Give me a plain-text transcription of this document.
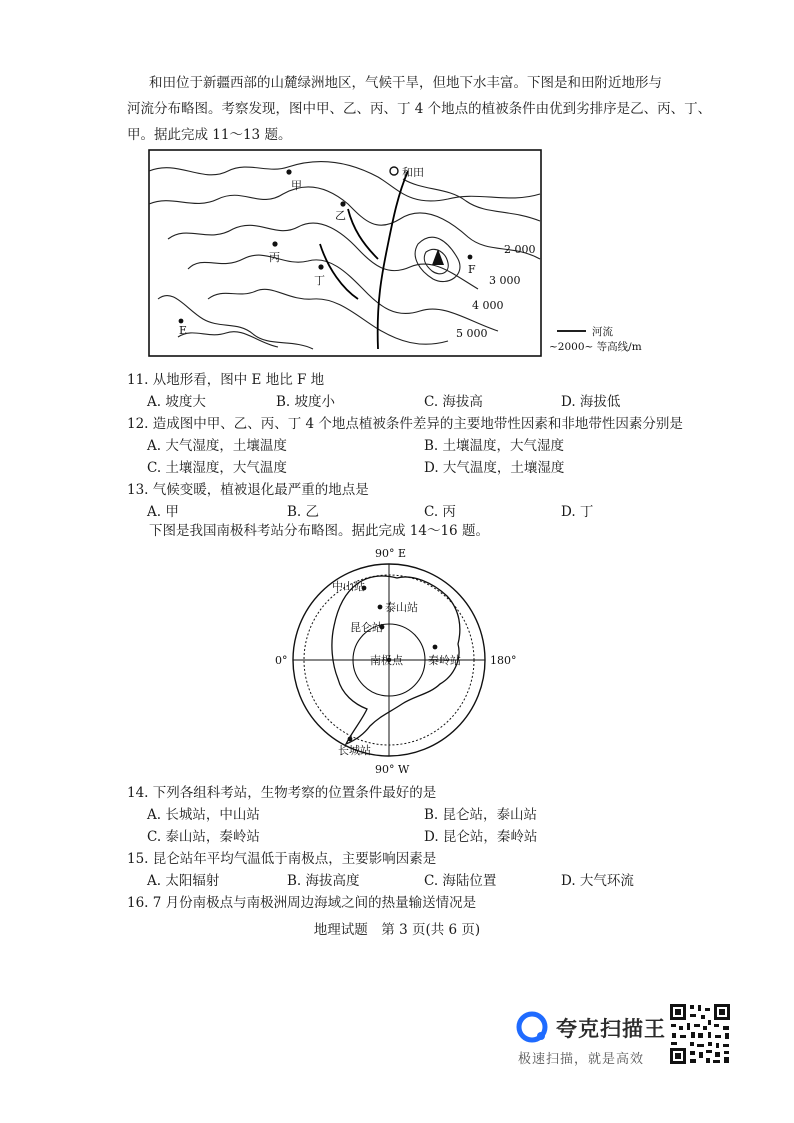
和田位于新疆西部的山麓绿洲地区，气候干旱，但地下水丰富。下图是和田附近地形与
河流分布略图。考察发现，图中甲、乙、丙、丁 4 个地点的植被条件由优到劣排序是乙、丙、丁、
甲。据此完成 11～13 题。
和田
甲
乙
丙
丁
E
F
2 000
3 000
4 000
5 000	河流
~2000~ 等高线/m
11. 从地形看，图中 E 地比 F 地
A. 坡度大	B. 坡度小	C. 海拔高	D. 海拔低
12. 造成图中甲、乙、丙、丁 4 个地点植被条件差异的主要地带性因素和非地带性因素分别是
A. 大气湿度，土壤温度	B. 土壤温度，大气湿度
C. 土壤湿度，大气温度	D. 大气温度，土壤湿度
13. 气候变暖，植被退化最严重的地点是
A. 甲	B. 乙	C. 丙	D. 丁
下图是我国南极科考站分布略图。据此完成 14～16 题。
90° E
90° W
0°	180°
中山站
泰山站
昆仑站
南极点 秦岭站
长城站
14. 下列各组科考站，生物考察的位置条件最好的是
A. 长城站，中山站	B. 昆仑站，泰山站
C. 泰山站，秦岭站	D. 昆仑站，秦岭站
15. 昆仑站年平均气温低于南极点，主要影响因素是
A. 太阳辐射	B. 海拔高度	C. 海陆位置	D. 大气环流
16. 7 月份南极点与南极洲周边海域之间的热量输送情况是
地理试题　第 3 页(共 6 页)
夸克扫描王
极速扫描，就是高效
